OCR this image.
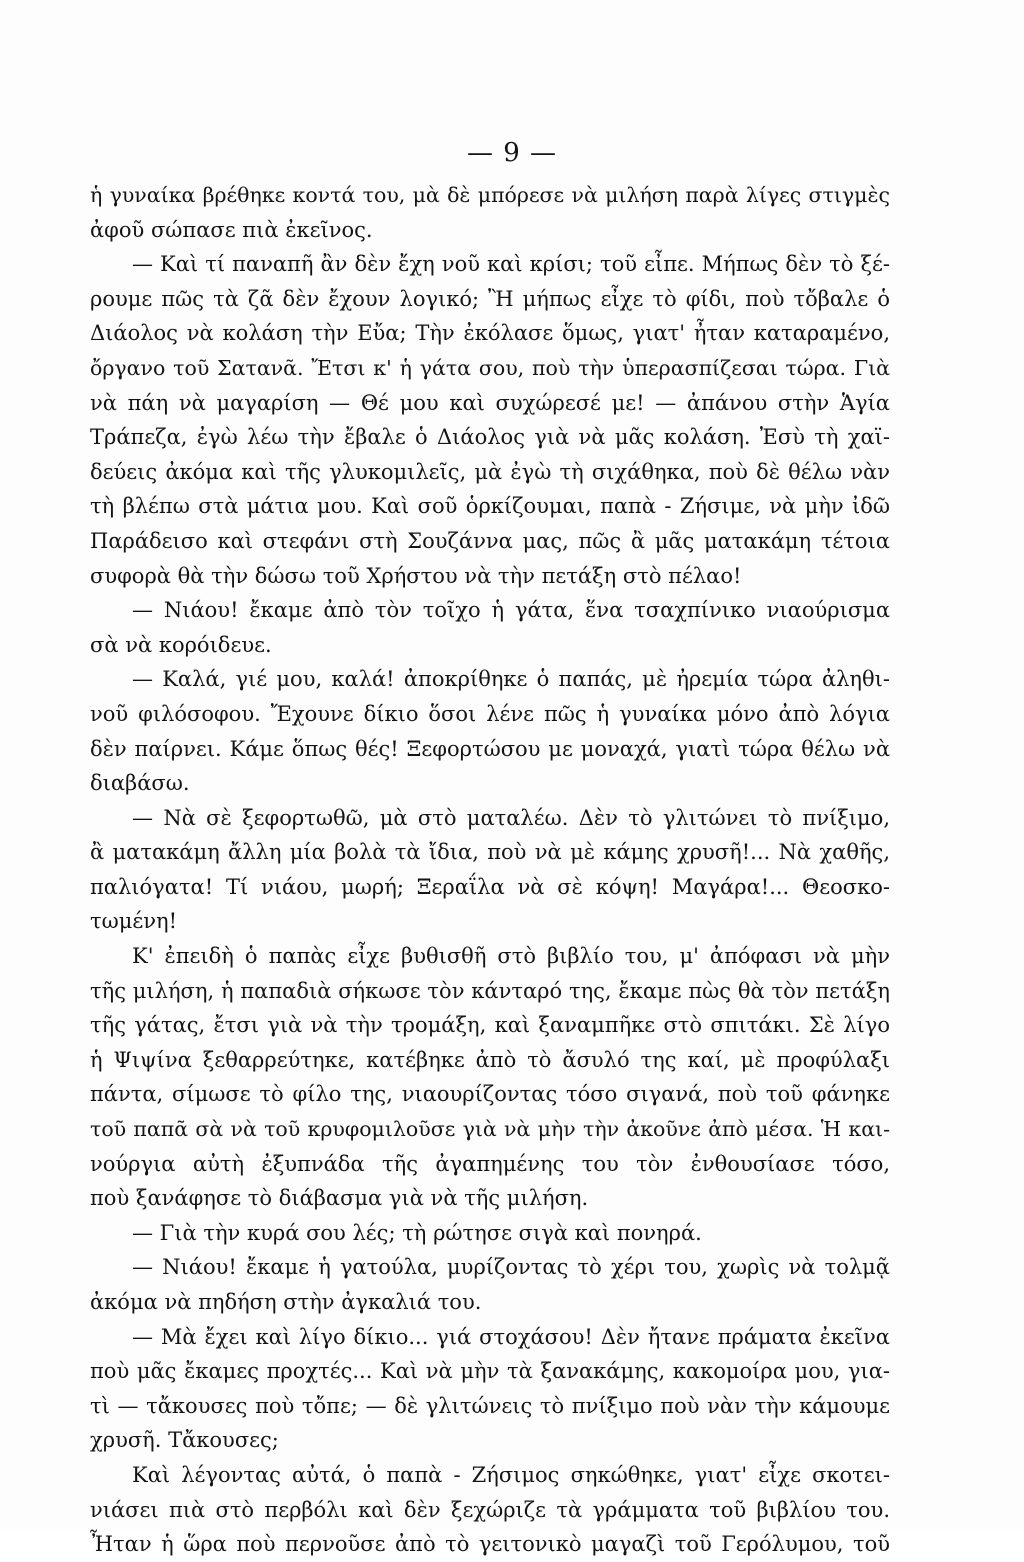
— 9 —
ἡ γυναίκα βρέθηκε κοντά του, μὰ δὲ μπόρεσε νὰ μιλήση παρὰ λίγες στιγμὲς
ἀφοῦ σώπασε πιὰ ἐκεῖνος.
— Καὶ τί παναπῆ ἂν δὲν ἔχη νοῦ καὶ κρίσι; τοῦ εἶπε. Μήπως δὲν τὸ ξέ-
ρουμε πῶς τὰ ζᾶ δὲν ἔχουν λογικό; Ἢ μήπως εἶχε τὸ φίδι, ποὺ τὄβαλε ὁ
Διάολος νὰ κολάση τὴν Εὔα; Τὴν ἐκόλασε ὅμως, γιατ' ἦταν καταραμένο,
ὄργανο τοῦ Σατανᾶ. Ἔτσι κ' ἡ γάτα σου, ποὺ τὴν ὑπερασπίζεσαι τώρα. Γιὰ
νὰ πάη νὰ μαγαρίση — Θέ μου καὶ συχώρεσέ με! — ἀπάνου στὴν Ἁγία
Τράπεζα, ἐγὼ λέω τὴν ἔβαλε ὁ Διάολος γιὰ νὰ μᾶς κολάση. Ἐσὺ τὴ χαϊ-
δεύεις ἀκόμα καὶ τῆς γλυκομιλεῖς, μὰ ἐγὼ τὴ σιχάθηκα, ποὺ δὲ θέλω νὰν
τὴ βλέπω στὰ μάτια μου. Καὶ σοῦ ὁρκίζουμαι, παπὰ - Ζήσιμε, νὰ μὴν ἰδῶ
Παράδεισο καὶ στεφάνι στὴ Σουζάννα μας, πῶς ἂ μᾶς ματακάμη τέτοια
συφορὰ θὰ τὴν δώσω τοῦ Χρήστου νὰ τὴν πετάξη στὸ πέλαο!
— Νιάου! ἔκαμε ἀπὸ τὸν τοῖχο ἡ γάτα, ἕνα τσαχπίνικο νιαούρισμα
σὰ νὰ κορόιδευε.
— Καλά, γιέ μου, καλά! ἀποκρίθηκε ὁ παπάς, μὲ ἠρεμία τώρα ἀληθι-
νοῦ φιλόσοφου. Ἔχουνε δίκιο ὅσοι λένε πῶς ἡ γυναίκα μόνο ἀπὸ λόγια
δὲν παίρνει. Κάμε ὅπως θές! Ξεφορτώσου με μοναχά, γιατὶ τώρα θέλω νὰ
διαβάσω.
— Νὰ σὲ ξεφορτωθῶ, μὰ στὸ ματαλέω. Δὲν τὸ γλιτώνει τὸ πνίξιμο,
ἂ ματακάμη ἄλλη μία βολὰ τὰ ἴδια, ποὺ νὰ μὲ κάμης χρυσῆ!... Νὰ χαθῆς,
παλιόγατα! Τί νιάου, μωρή; Ξεραΐλα νὰ σὲ κόψη! Μαγάρα!... Θεοσκο-
τωμένη!
Κ' ἐπειδὴ ὁ παπὰς εἶχε βυθισθῆ στὸ βιβλίο του, μ' ἀπόφασι νὰ μὴν
τῆς μιλήση, ἡ παπαδιὰ σήκωσε τὸν κάνταρό της, ἔκαμε πὼς θὰ τὸν πετάξη
τῆς γάτας, ἔτσι γιὰ νὰ τὴν τρομάξη, καὶ ξαναμπῆκε στὸ σπιτάκι. Σὲ λίγο
ἡ Ψιψίνα ξεθαρρεύτηκε, κατέβηκε ἀπὸ τὸ ἄσυλό της καί, μὲ προφύλαξι
πάντα, σίμωσε τὸ φίλο της, νιαουρίζοντας τόσο σιγανά, ποὺ τοῦ φάνηκε
τοῦ παπᾶ σὰ νὰ τοῦ κρυφομιλοῦσε γιὰ νὰ μὴν τὴν ἀκοῦνε ἀπὸ μέσα. Ἡ και-
νούργια αὐτὴ ἐξυπνάδα τῆς ἀγαπημένης του τὸν ἐνθουσίασε τόσο,
ποὺ ξανάφησε τὸ διάβασμα γιὰ νὰ τῆς μιλήση.
— Γιὰ τὴν κυρά σου λές; τὴ ρώτησε σιγὰ καὶ πονηρά.
— Νιάου! ἔκαμε ἡ γατούλα, μυρίζοντας τὸ χέρι του, χωρὶς νὰ τολμᾷ
ἀκόμα νὰ πηδήση στὴν ἀγκαλιά του.
— Μὰ ἔχει καὶ λίγο δίκιο... γιά στοχάσου! Δὲν ἤτανε πράματα ἐκεῖνα
ποὺ μᾶς ἔκαμες προχτές... Καὶ νὰ μὴν τὰ ξανακάμης, κακομοίρα μου, για-
τὶ — τἄκουσες ποὺ τὄπε; — δὲ γλιτώνεις τὸ πνίξιμο ποὺ νὰν τὴν κάμουμε
χρυσῆ. Τἄκουσες;
Καὶ λέγοντας αὐτά, ὁ παπὰ - Ζήσιμος σηκώθηκε, γιατ' εἶχε σκοτει-
νιάσει πιὰ στὸ περβόλι καὶ δὲν ξεχώριζε τὰ γράμματα τοῦ βιβλίου του.
Ἦταν ἡ ὥρα ποὺ περνοῦσε ἀπὸ τὸ γειτονικὸ μαγαζὶ τοῦ Γερόλυμου, τοῦ
